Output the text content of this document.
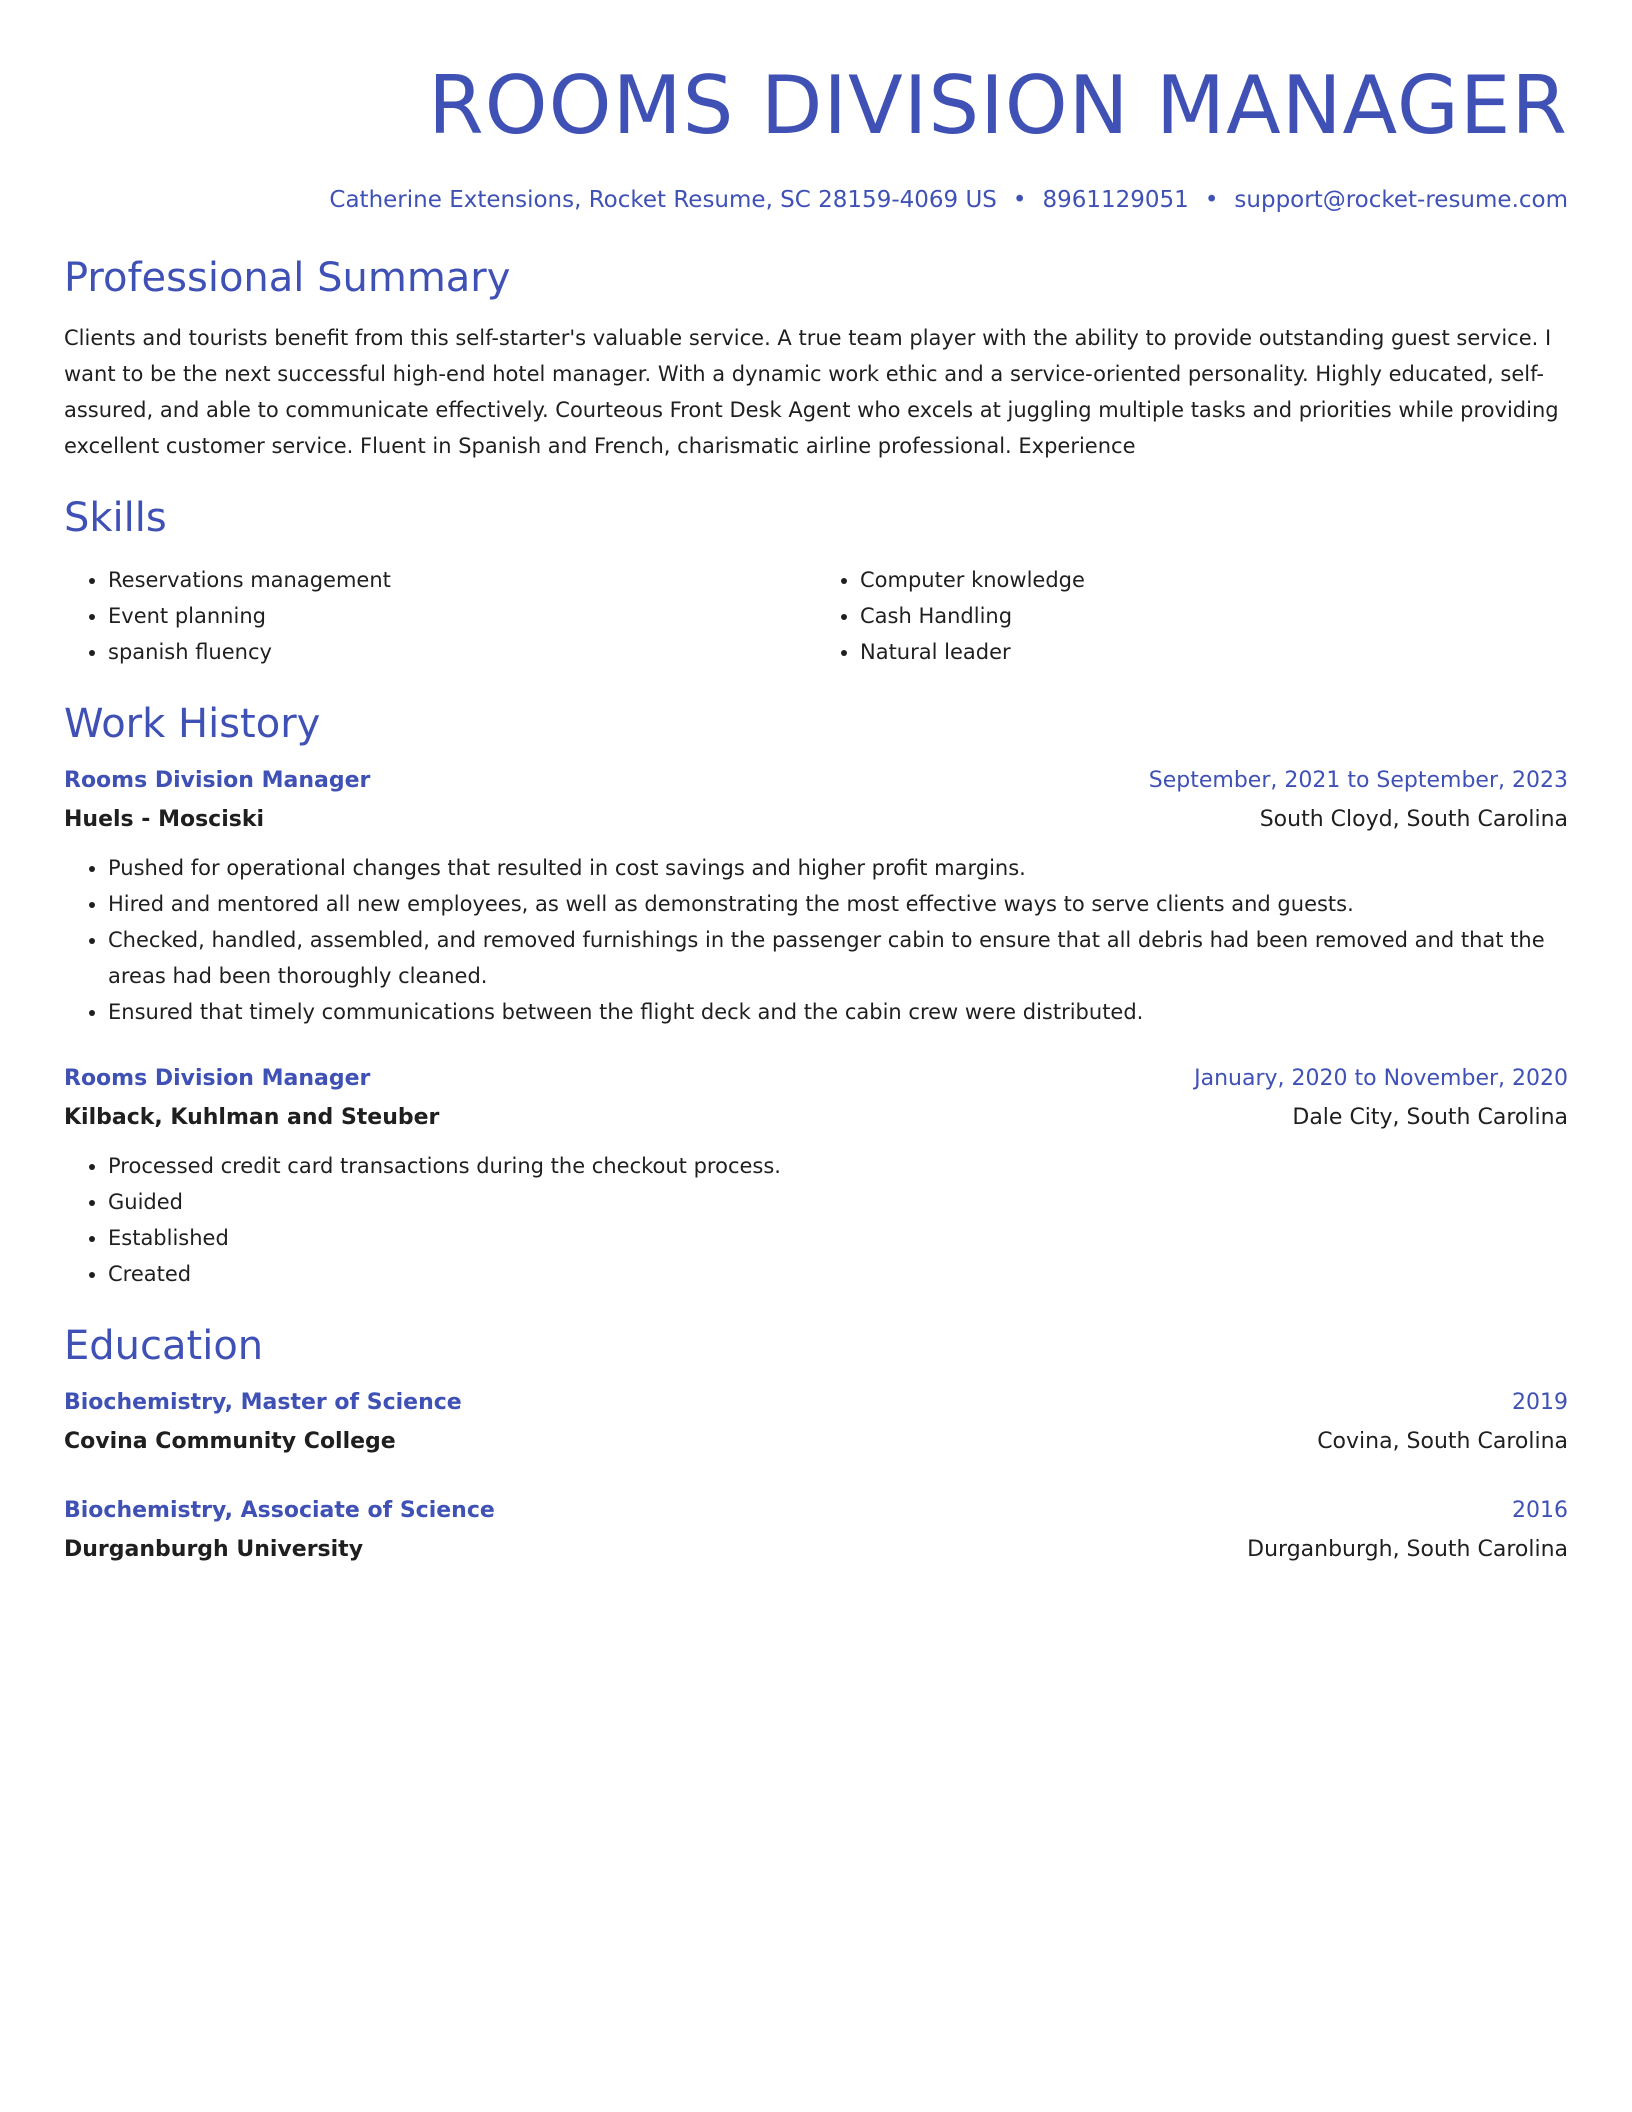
ROOMS DIVISION MANAGER
Catherine Extensions, Rocket Resume, SC 28159-4069 US • 8961129051 • support@rocket-resume.com
Professional Summary
Clients and tourists benefit from this self-starter's valuable service. A true team player with the ability to provide outstanding guest service. I want to be the next successful high-end hotel manager. With a dynamic work ethic and a service-oriented personality. Highly educated, self-assured, and able to communicate effectively. Courteous Front Desk Agent who excels at juggling multiple tasks and priorities while providing excellent customer service. Fluent in Spanish and French, charismatic airline professional. Experience
Skills
• Reservations management
• Event planning
• spanish fluency
• Computer knowledge
• Cash Handling
• Natural leader
Work History
Rooms Division Manager	September, 2021 to September, 2023
Huels - Mosciski	South Cloyd, South Carolina
• Pushed for operational changes that resulted in cost savings and higher profit margins.
• Hired and mentored all new employees, as well as demonstrating the most effective ways to serve clients and guests.
• Checked, handled, assembled, and removed furnishings in the passenger cabin to ensure that all debris had been removed and that the areas had been thoroughly cleaned.
• Ensured that timely communications between the flight deck and the cabin crew were distributed.
Rooms Division Manager	January, 2020 to November, 2020
Kilback, Kuhlman and Steuber	Dale City, South Carolina
• Processed credit card transactions during the checkout process.
• Guided
• Established
• Created
Education
Biochemistry, Master of Science	2019
Covina Community College	Covina, South Carolina
Biochemistry, Associate of Science	2016
Durganburgh University	Durganburgh, South Carolina
